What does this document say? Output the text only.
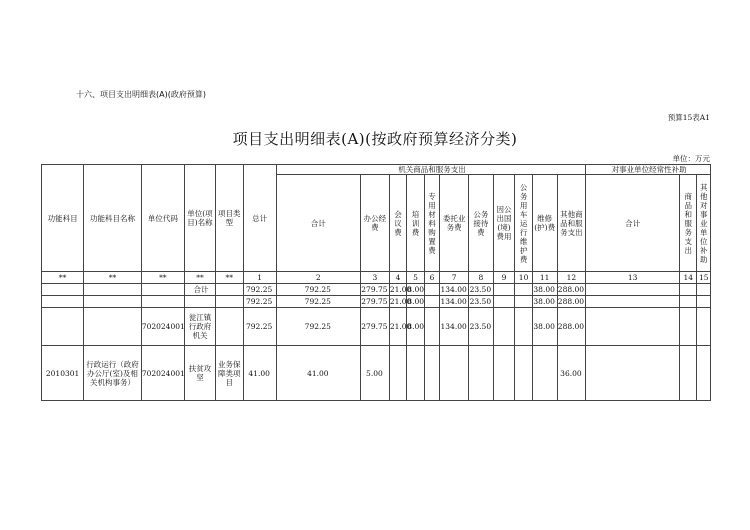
十六、项目支出明细表(A)(政府预算)
预算15表A1
项目支出明细表(A)(按政府预算经济分类)
单位：万元
功能科目	功能科目名称	单位代码	单位(项目)名称	项目类型	总计	机关商品和服务支出											对事业单位经常性补助		
						合计	办公经费	会议费	培训费	专用材料购置费	委托业务费	公务接待费	因公出国(境)费用	公务用车运行维护费	维修(护)费	其他商品和服务支出	合计	商品和服务支出	其他对事业单位补助
**	**	**	**	**	1	2	3	4	5	6	7	8	9	10	11	12	13	14	15
			合计		792.25	792.25	279.75	21.00	8.00		134.00	23.50			38.00	288.00			
					792.25	792.25	279.75	21.00	8.00		134.00	23.50			38.00	288.00			
		702024001	瓮江镇行政府机关		792.25	792.25	279.75	21.00	8.00		134.00	23.50			38.00	288.00			
2010301	行政运行（政府办公厅(室)及相关机构事务）	702024001	扶贫攻坚	业务保障类项目	41.00	41.00	5.00									36.00			
